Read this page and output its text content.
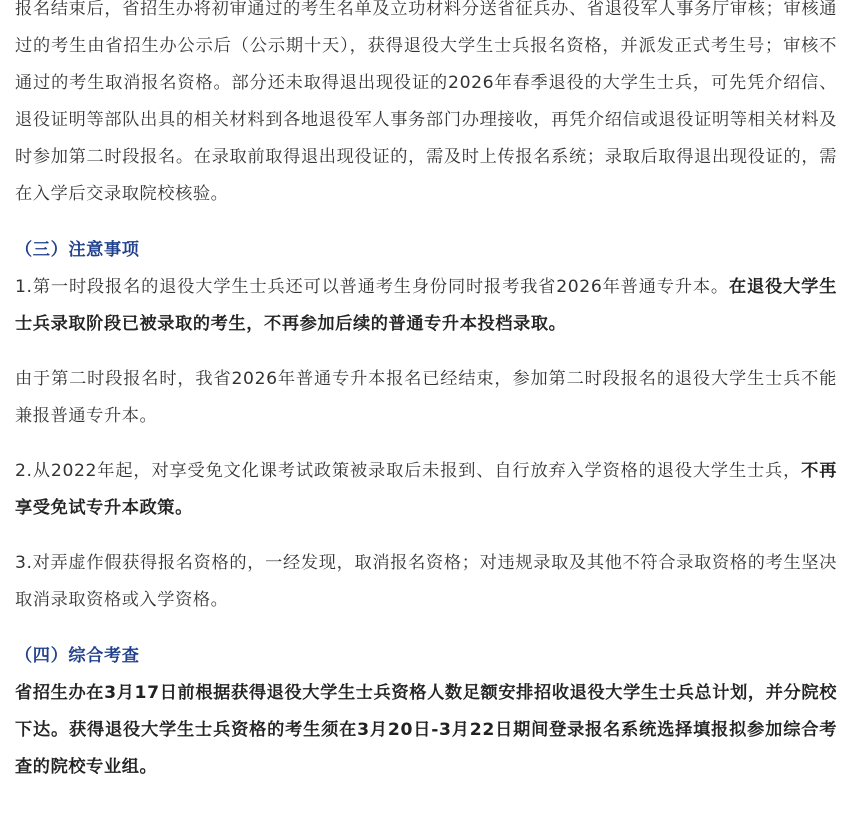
报名结束后，省招生办将初审通过的考生名单及立功材料分送省征兵办、省退役军人事务厅审核；审核通过的考生由省招生办公示后（公示期十天），获得退役大学生士兵报名资格，并派发正式考生号；审核不通过的考生取消报名资格。部分还未取得退出现役证的2026年春季退役的大学生士兵，可先凭介绍信、退役证明等部队出具的相关材料到各地退役军人事务部门办理接收，再凭介绍信或退役证明等相关材料及时参加第二时段报名。在录取前取得退出现役证的，需及时上传报名系统；录取后取得退出现役证的，需在入学后交录取院校核验。

（三）注意事项

1.第一时段报名的退役大学生士兵还可以普通考生身份同时报考我省2026年普通专升本。在退役大学生士兵录取阶段已被录取的考生，不再参加后续的普通专升本投档录取。

由于第二时段报名时，我省2026年普通专升本报名已经结束，参加第二时段报名的退役大学生士兵不能兼报普通专升本。

2.从2022年起，对享受免文化课考试政策被录取后未报到、自行放弃入学资格的退役大学生士兵，不再享受免试专升本政策。

3.对弄虚作假获得报名资格的，一经发现，取消报名资格；对违规录取及其他不符合录取资格的考生坚决取消录取资格或入学资格。

（四）综合考查

省招生办在3月17日前根据获得退役大学生士兵资格人数足额安排招收退役大学生士兵总计划，并分院校下达。获得退役大学生士兵资格的考生须在3月20日-3月22日期间登录报名系统选择填报拟参加综合考查的院校专业组。
